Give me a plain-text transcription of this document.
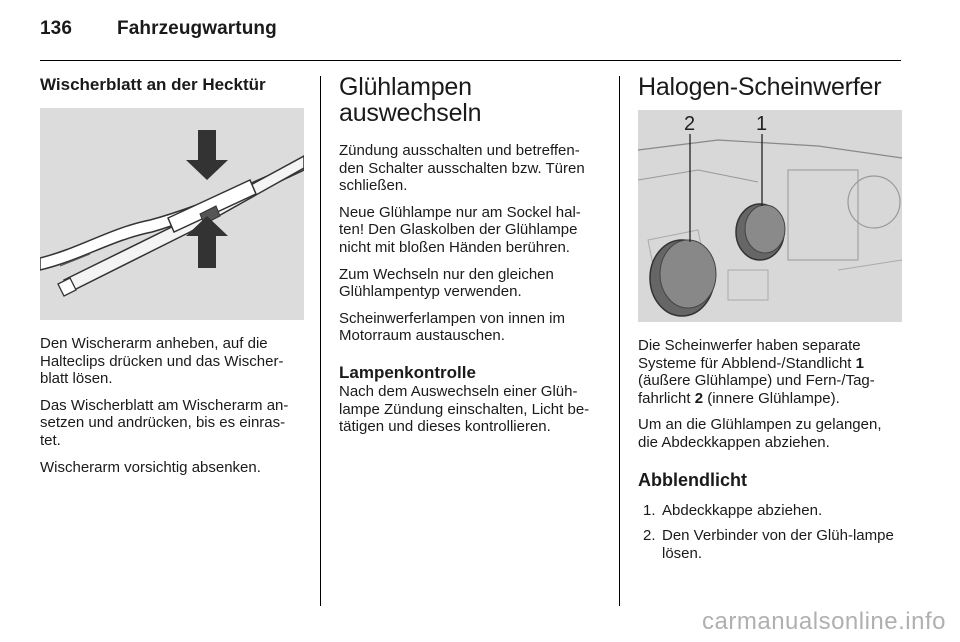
136 Fahrzeugwartung
Wischerblatt an der Hecktür

Den Wischerarm anheben, auf die Halteclips drücken und das Wischer-blatt lösen.

Das Wischerblatt am Wischerarm an-setzen und andrücken, bis es einras-tet.

Wischerarm vorsichtig absenken.

Glühlampen auswechseln

Zündung ausschalten und betreffen-den Schalter ausschalten bzw. Türen schließen.

Neue Glühlampe nur am Sockel hal-ten! Den Glaskolben der Glühlampe nicht mit bloßen Händen berühren.

Zum Wechseln nur den gleichen Glühlampentyp verwenden.

Scheinwerferlampen von innen im Motorraum austauschen.

Lampenkontrolle

Nach dem Auswechseln einer Glüh-lampe Zündung einschalten, Licht be-tätigen und dieses kontrollieren.

Halogen-Scheinwerfer
2	1

Die Scheinwerfer haben separate Systeme für Abblend-/Standlicht 1 (äußere Glühlampe) und Fern-/Tag-fahrlicht 2 (innere Glühlampe).

Um an die Glühlampen zu gelangen, die Abdeckkappen abziehen.

Abblendlicht
1. Abdeckkappe abziehen.
2. Den Verbinder von der Glüh-lampe lösen.
carmanualsonline.info
